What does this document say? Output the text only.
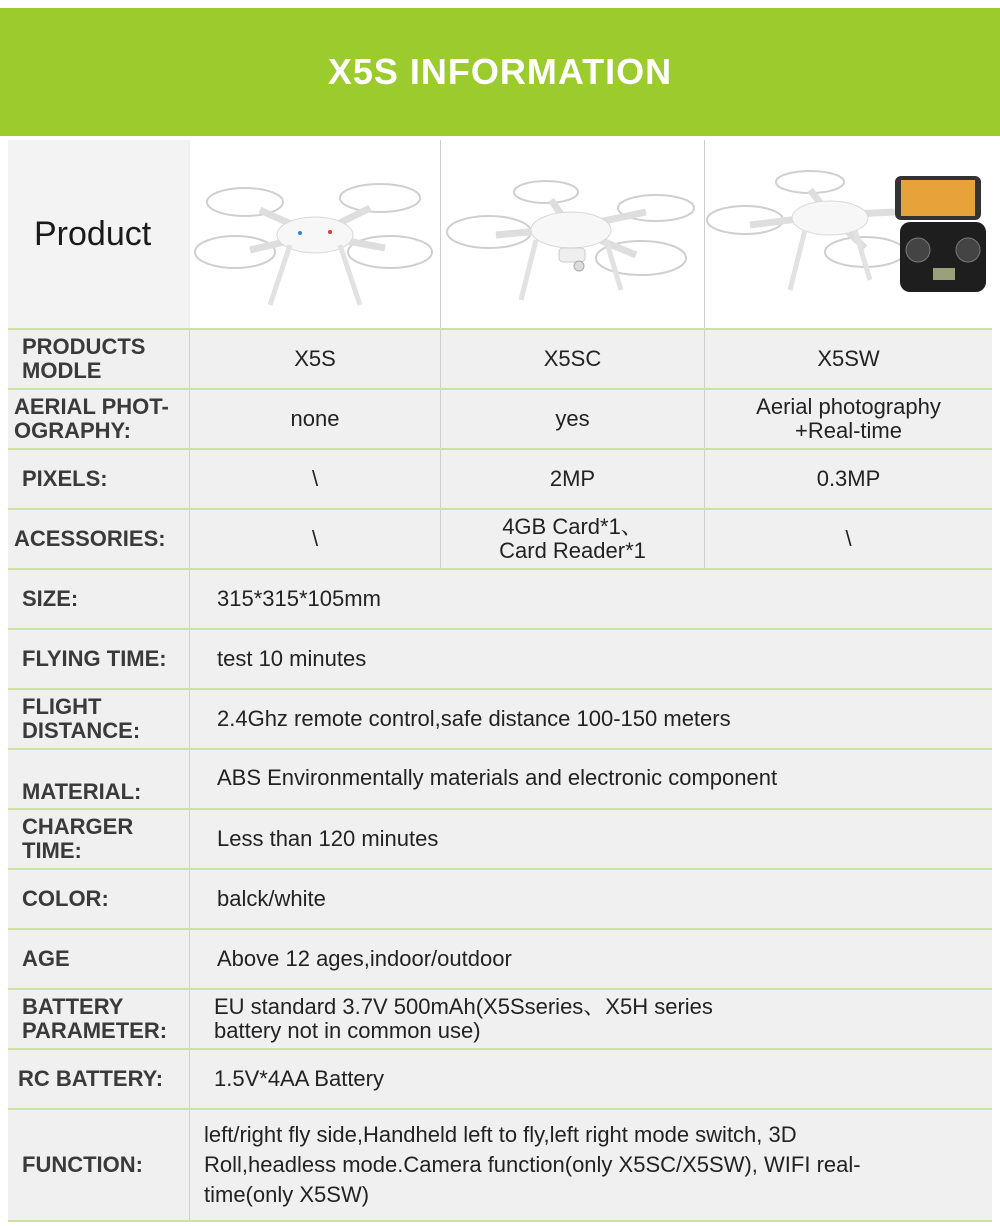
X5S INFORMATION
Product
PRODUCTS MODLE	X5S	X5SC	X5SW
AERIAL PHOT-OGRAPHY:	none	yes	Aerial photography +Real-time
PIXELS:	\	2MP	0.3MP
ACESSORIES:	\	4GB Card*1、 Card Reader*1	\
SIZE:	315*315*105mm
FLYING TIME:	test 10 minutes
FLIGHT DISTANCE:	2.4Ghz remote control,safe distance 100-150 meters
MATERIAL:
ABS Environmentally materials and electronic component
CHARGER TIME:	Less than 120 minutes
COLOR:	balck/white
AGE	Above 12 ages,indoor/outdoor
BATTERY PARAMETER:
EU standard 3.7V 500mAh(X5Sseries、X5H series battery not in common use)
RC BATTERY:	1.5V*4AA Battery
FUNCTION:
left/right fly side,Handheld left to fly,left right mode switch, 3D Roll,headless mode.Camera function(only X5SC/X5SW), WIFI real-time(only X5SW)
